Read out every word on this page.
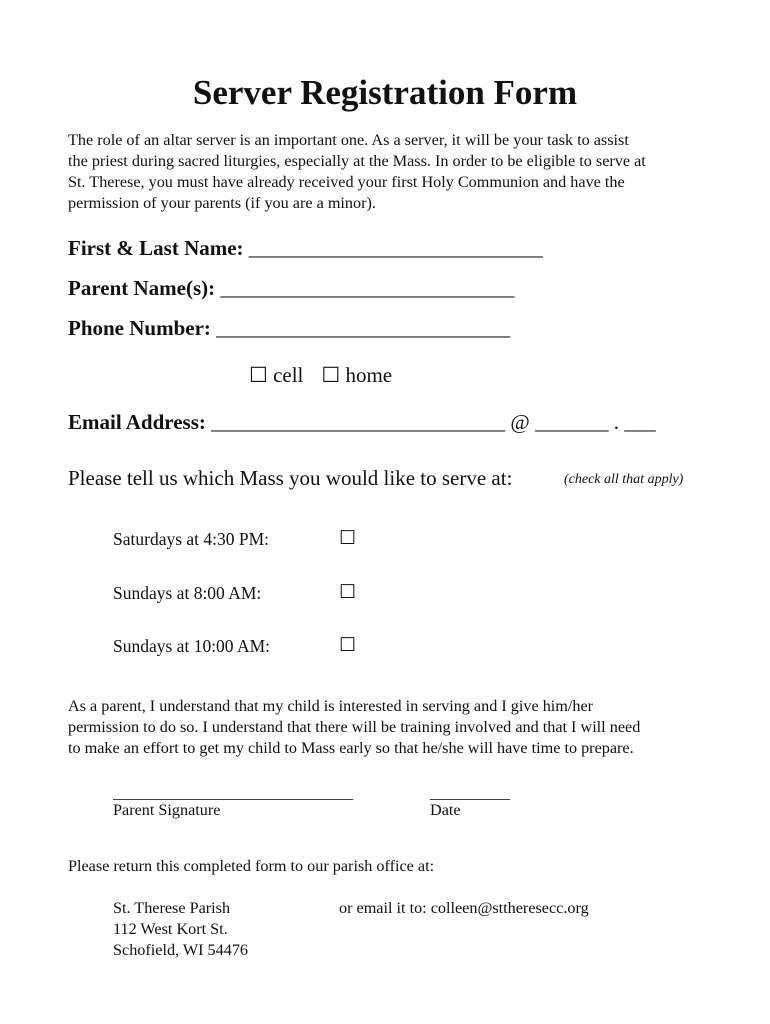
Server Registration Form

The role of an altar server is an important one. As a server, it will be your task to assist

the priest during sacred liturgies, especially at the Mass. In order to be eligible to serve at

St. Therese, you must have already received your first Holy Communion and have the

permission of your parents (if you are a minor).

First & Last Name: ____________________________
Parent Name(s): ____________________________
Phone Number: ____________________________
☐ cell ☐ home
Email Address: ____________________________ @ _______ . ___
Please tell us which Mass you would like to serve at:	(check all that apply)
Saturdays at 4:30 PM:	☐
Sundays at 8:00 AM:	☐
Sundays at 10:00 AM:	☐

As a parent, I understand that my child is interested in serving and I give him/her

permission to do so. I understand that there will be training involved and that I will need

to make an effort to get my child to Mass early so that he/she will have time to prepare.

______________________________
Parent Signature
__________
Date
Please return this completed form to our parish office at:
St. Therese Parish
112 West Kort St.
Schofield, WI 54476
or email it to: colleen@sttheresecc.org
